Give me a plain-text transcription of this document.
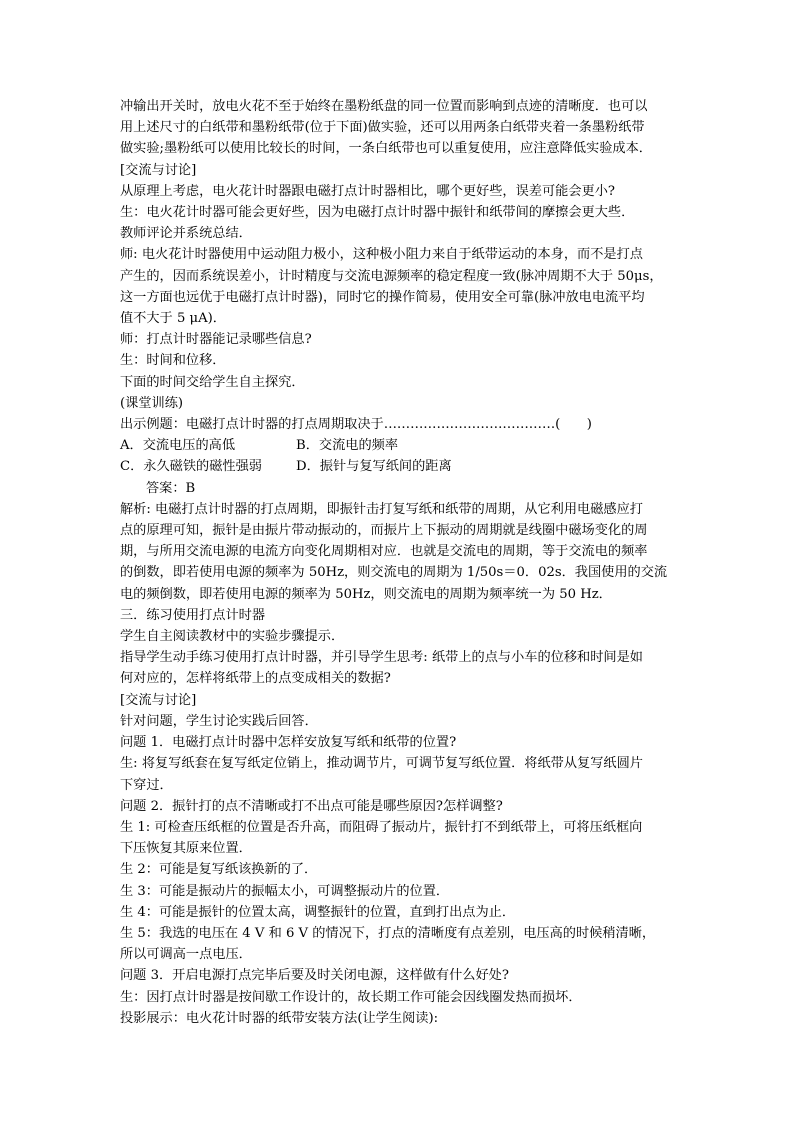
冲输出开关时，放电火花不至于始终在墨粉纸盘的同一位置而影响到点迹的清晰度．也可以
用上述尺寸的白纸带和墨粉纸带(位于下面)做实验，还可以用两条白纸带夹着一条墨粉纸带
做实验;墨粉纸可以使用比较长的时间，一条白纸带也可以重复使用，应注意降低实验成本．
[交流与讨论]
从原理上考虑，电火花计时器跟电磁打点计时器相比，哪个更好些，误差可能会更小?
生：电火花计时器可能会更好些，因为电磁打点计时器中振针和纸带间的摩擦会更大些．
教师评论并系统总结．
师: 电火花计时器使用中运动阻力极小，这种极小阻力来自于纸带运动的本身，而不是打点
产生的，因而系统误差小，计时精度与交流电源频率的稳定程度一致(脉冲周期不大于 50μs，
这一方面也远优于电磁打点计时器)，同时它的操作简易，使用安全可靠(脉冲放电电流平均
值不大于 5 μA)．
师：打点计时器能记录哪些信息?
生：时间和位移．
下面的时间交给学生自主探究．
(课堂训练)
出示例题：电磁打点计时器的打点周期取决于…………………………………(　　)
A．交流电压的高低	B．交流电的频率
C．永久磁铁的磁性强弱	D．振针与复写纸间的距离
答案：B
解析: 电磁打点计时器的打点周期，即振针击打复写纸和纸带的周期，从它利用电磁感应打
点的原理可知，振针是由振片带动振动的，而振片上下振动的周期就是线圈中磁场变化的周
期，与所用交流电源的电流方向变化周期相对应．也就是交流电的周期，等于交流电的频率
的倒数，即若使用电源的频率为 50Hz，则交流电的周期为 1/50s＝0．02s．我国使用的交流
电的频倒数，即若使用电源的频率为 50Hz，则交流电的周期为频率统一为 50 Hz．
三．练习使用打点计时器
学生自主阅读教材中的实验步骤提示．
指导学生动手练习使用打点计时器，并引导学生思考: 纸带上的点与小车的位移和时间是如
何对应的，怎样将纸带上的点变成相关的数据?
[交流与讨论]
针对问题，学生讨论实践后回答．
问题 1．电磁打点计时器中怎样安放复写纸和纸带的位置?
生: 将复写纸套在复写纸定位销上，推动调节片，可调节复写纸位置．将纸带从复写纸圆片
下穿过．
问题 2．振针打的点不清晰或打不出点可能是哪些原因?怎样调整?
生 1: 可检查压纸框的位置是否升高，而阻碍了振动片，振针打不到纸带上，可将压纸框向
下压恢复其原来位置．
生 2：可能是复写纸该换新的了．
生 3：可能是振动片的振幅太小，可调整振动片的位置．
生 4：可能是振针的位置太高，调整振针的位置，直到打出点为止．
生 5：我选的电压在 4 V 和 6 V 的情况下，打点的清晰度有点差别，电压高的时候稍清晰，
所以可调高一点电压．
问题 3．开启电源打点完毕后要及时关闭电源，这样做有什么好处?
生：因打点计时器是按间歇工作设计的，故长期工作可能会因线圈发热而损坏．
投影展示：电火花计时器的纸带安装方法(让学生阅读):
